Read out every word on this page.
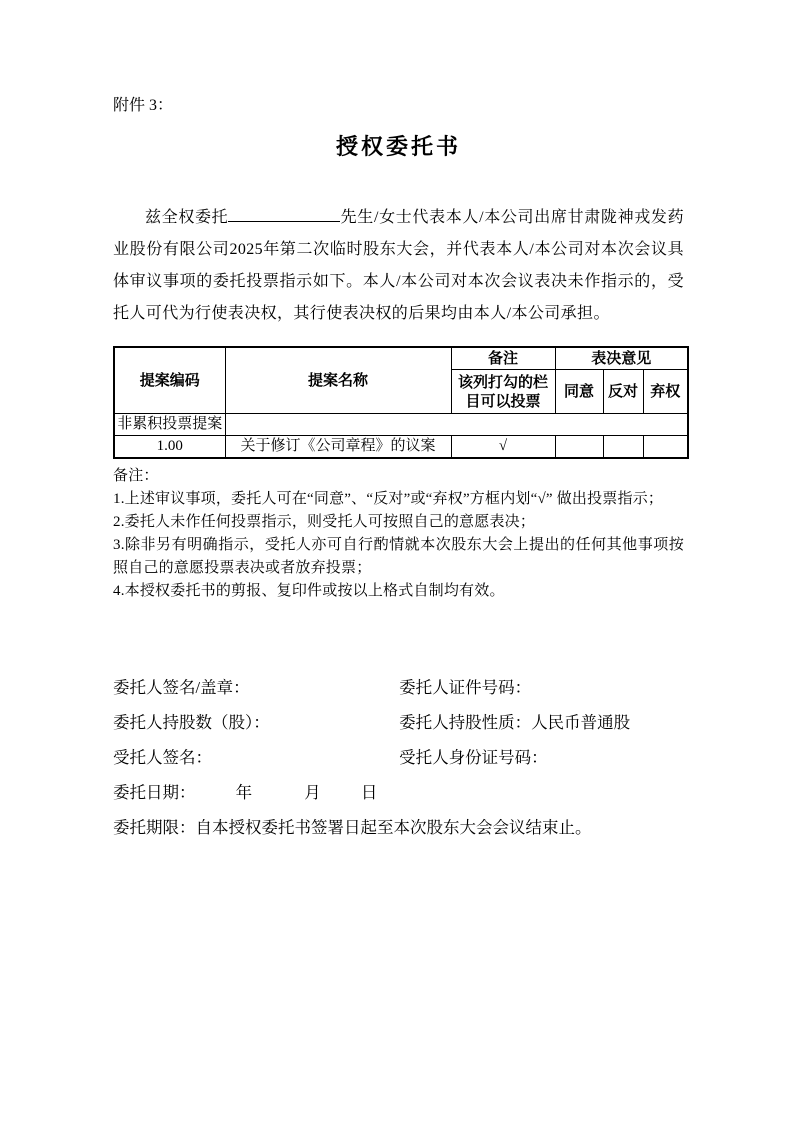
附件 3：
授权委托书

兹全权委托	先生/女士代表本人/本公司出席甘肃陇神戎发药业股份有限公司2025年第二次临时股东大会，并代表本人/本公司对本次会议具体审议事项的委托投票指示如下。本人/本公司对本次会议表决未作指示的，受托人可代为行使表决权，其行使表决权的后果均由本人/本公司承担。

提案编码	提案名称	备注	表决意见		
		该列打勾的栏目可以投票	同意	反对	弃权
非累积投票提案					
1.00	关于修订《公司章程》的议案	√			
备注：
1.上述审议事项，委托人可在“同意”、“反对”或“弃权”方框内划“√” 做出投票指示；
2.委托人未作任何投票指示，则受托人可按照自己的意愿表决；
3.除非另有明确指示，受托人亦可自行酌情就本次股东大会上提出的任何其他事项按照自己的意愿投票表决或者放弃投票；
4.本授权委托书的剪报、复印件或按以上格式自制均有效。
委托人签名/盖章：	委托人证件号码：
委托人持股数（股）：	委托人持股性质：人民币普通股
受托人签名：	受托人身份证号码：
委托日期： 年	月 日
委托期限：自本授权委托书签署日起至本次股东大会会议结束止。
